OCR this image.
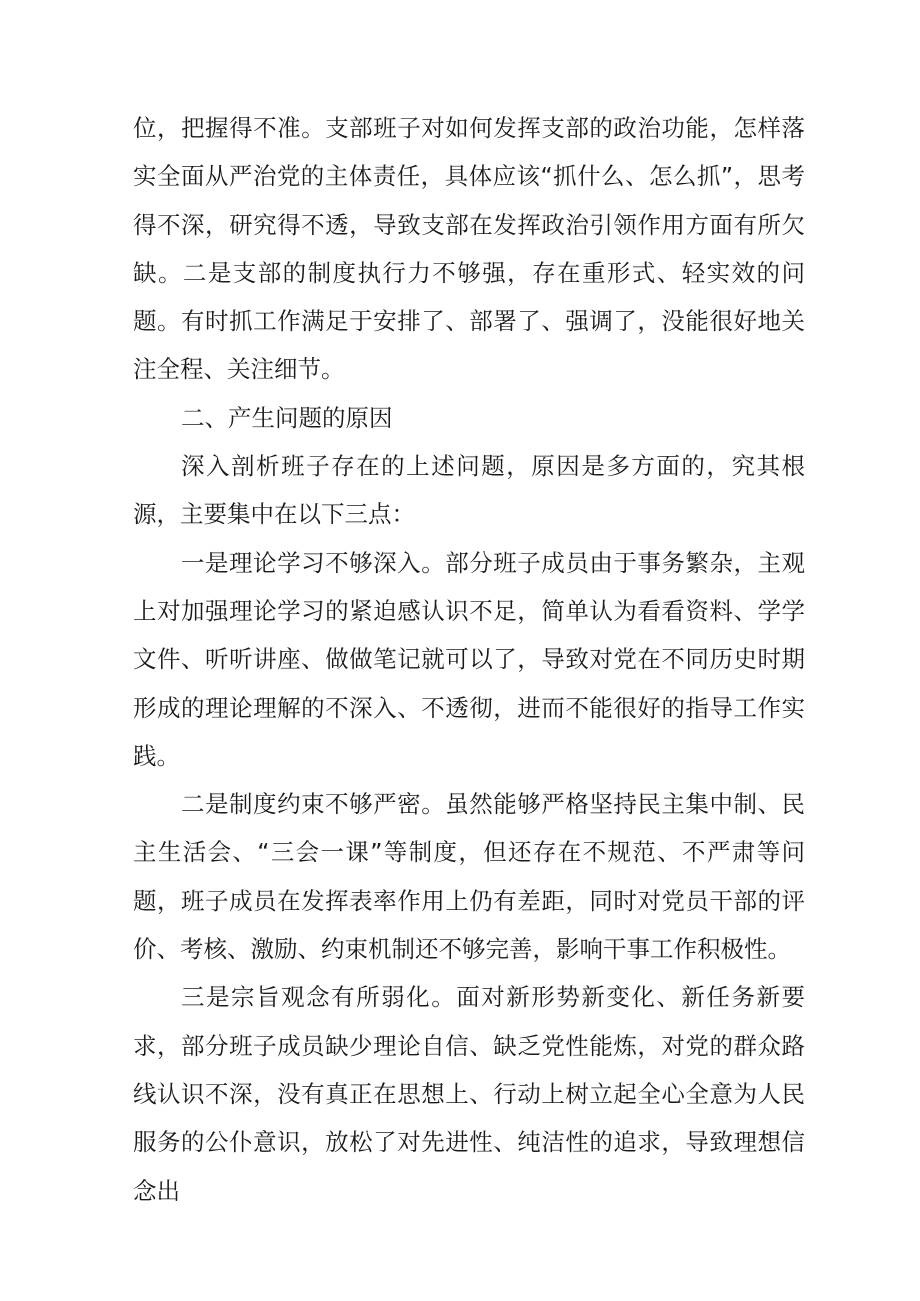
位，把握得不准。支部班子对如何发挥支部的政治功能，怎样落实全面从严治党的主体责任，具体应该“抓什么、怎么抓”，思考得不深，研究得不透，导致支部在发挥政治引领作用方面有所欠缺。二是支部的制度执行力不够强，存在重形式、轻实效的问题。有时抓工作满足于安排了、部署了、强调了，没能很好地关注全程、关注细节。

二、产生问题的原因

深入剖析班子存在的上述问题，原因是多方面的，究其根源，主要集中在以下三点：

一是理论学习不够深入。部分班子成员由于事务繁杂，主观上对加强理论学习的紧迫感认识不足，简单认为看看资料、学学文件、听听讲座、做做笔记就可以了，导致对党在不同历史时期形成的理论理解的不深入、不透彻，进而不能很好的指导工作实践。

二是制度约束不够严密。虽然能够严格坚持民主集中制、民主生活会、“三会一课”等制度，但还存在不规范、不严肃等问题，班子成员在发挥表率作用上仍有差距，同时对党员干部的评价、考核、激励、约束机制还不够完善，影响干事工作积极性。

三是宗旨观念有所弱化。面对新形势新变化、新任务新要求，部分班子成员缺少理论自信、缺乏党性能炼，对党的群众路线认识不深，没有真正在思想上、行动上树立起全心全意为人民服务的公仆意识，放松了对先进性、纯洁性的追求，导致理想信念出
